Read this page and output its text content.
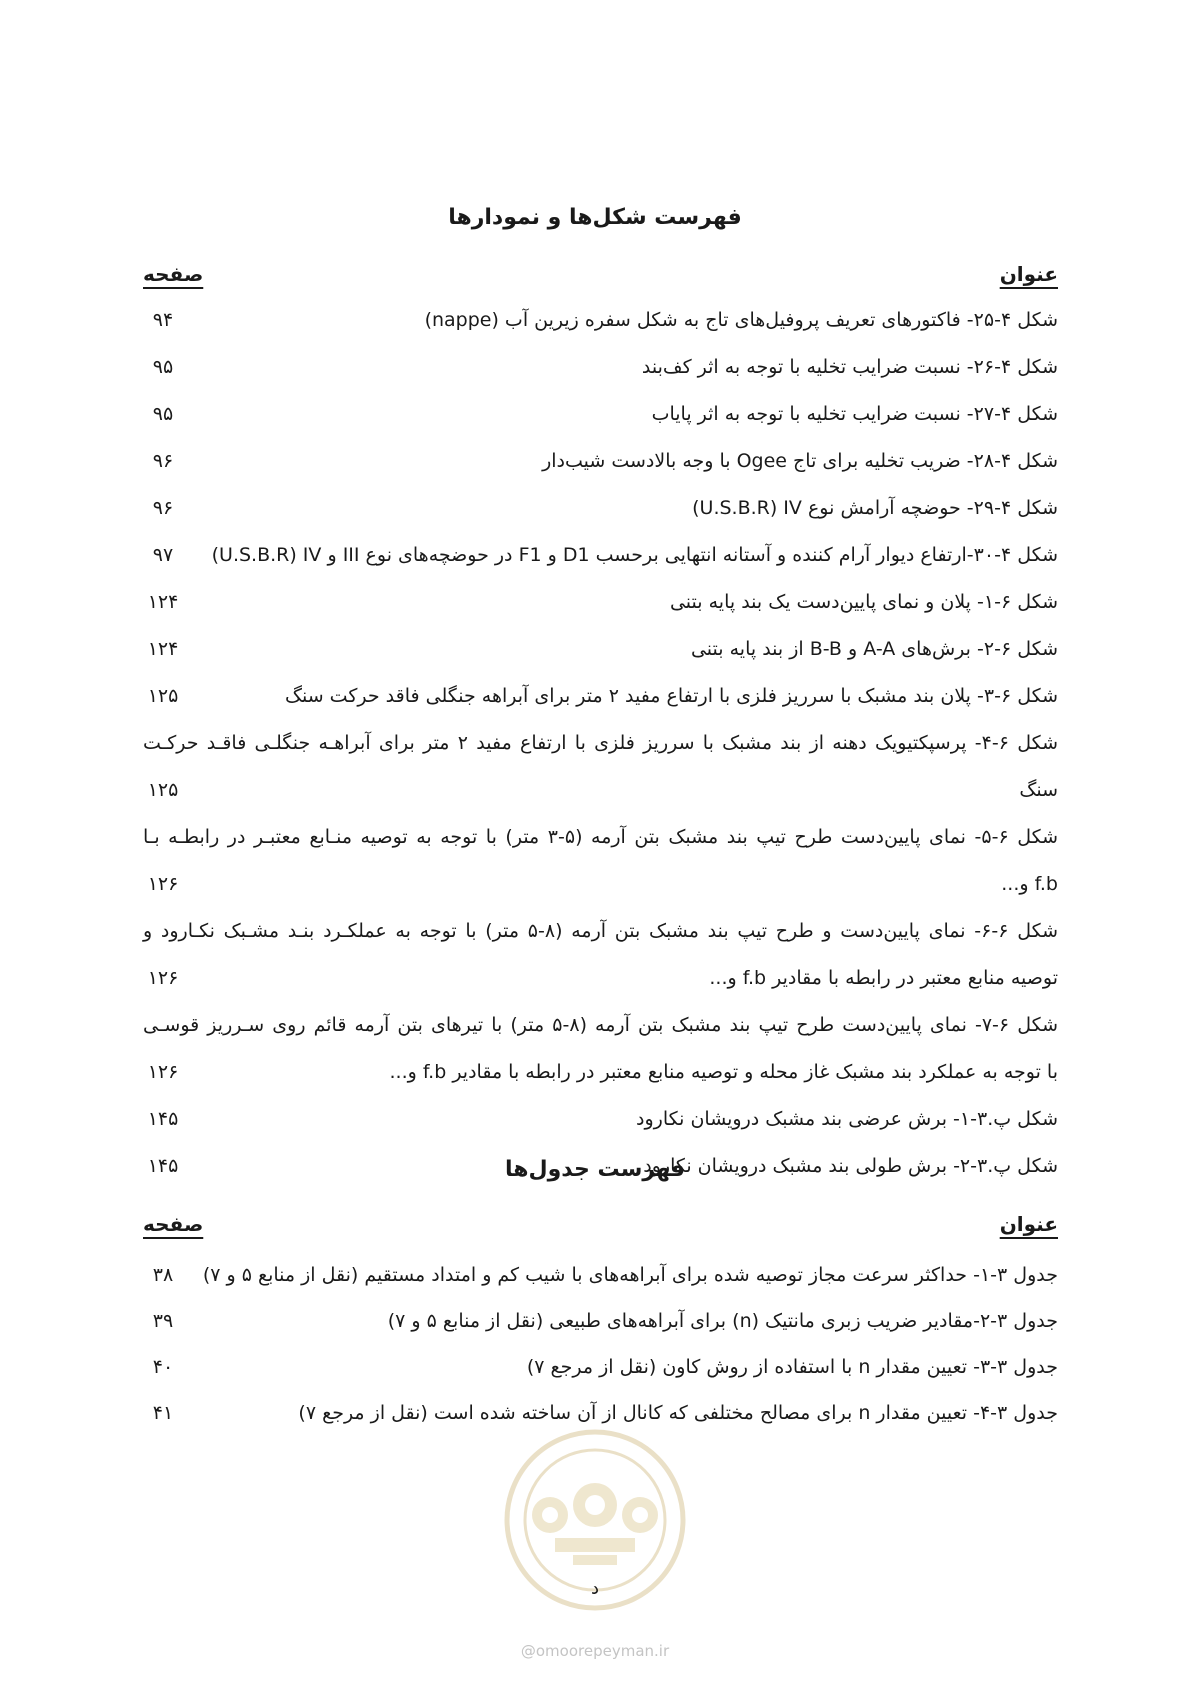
فهرست شکل‌ها و نمودارها
عنوان
صفحه
شکل ۴-۲۵- فاکتورهای تعریف پروفیل‌های تاج به شکل سفره زیرین آب (nappe)
۹۴
شکل ۴-۲۶- نسبت ضرایب تخلیه با توجه به اثر کف‌بند
۹۵
شکل ۴-۲۷- نسبت ضرایب تخلیه با توجه به اثر پایاب
۹۵
شکل ۴-۲۸- ضریب تخلیه برای تاج Ogee با وجه بالادست شیب‌دار
۹۶
شکل ۴-۲۹- حوضچه آرامش نوع U.S.B.R) IV)
۹۶
شکل ۴-۳۰-ارتفاع دیوار آرام کننده و آستانه انتهایی برحسب D1 و F1 در حوضچه‌های نوع III و U.S.B.R) IV)
۹۷
شکل ۶-۱- پلان و نمای پایین‌دست یک بند پایه بتنی
۱۲۴
شکل ۶-۲- برش‌های A-A و B-B از بند پایه بتنی
۱۲۴
شکل ۶-۳- پلان بند مشبک با سرریز فلزی با ارتفاع مفید ۲ متر برای آبراهه جنگلی فاقد حرکت سنگ
۱۲۵
شکل ۶-۴- پرسپکتیویک دهنه از بند مشبک با سرریز فلزی با ارتفاع مفید ۲ متر برای آبراهـه جنگلـی فاقـد حرکـت
سنگ
۱۲۵
شکل ۶-۵- نمای پایین‌دست طرح تیپ بند مشبک بتن آرمه (۵-۳ متر) با توجه به توصیه منـابع معتبـر در رابطـه بـا
f.b و...
۱۲۶
شکل ۶-۶- نمای پایین‌دست و طرح تیپ بند مشبک بتن آرمه (۸-۵ متر) با توجه به عملکـرد بنـد مشـبک نکـارود و
توصیه منابع معتبر در رابطه با مقادیر f.b و...
۱۲۶
شکل ۶-۷- نمای پایین‌دست طرح تیپ بند مشبک بتن آرمه (۸-۵ متر) با تیرهای بتن آرمه قائم روی سـرریز قوسـی
با توجه به عملکرد بند مشبک غاز محله و توصیه منابع معتبر در رابطه با مقادیر f.b و...
۱۲۶
شکل پ.۳-۱- برش عرضی بند مشبک درویشان نکارود
۱۴۵
شکل پ.۳-۲- برش طولی بند مشبک درویشان نکارود
۱۴۵	فهرست جدول‌ها
عنوان
صفحه
جدول ۳-۱- حداکثر سرعت مجاز توصیه شده برای آبراهه‌های با شیب کم و امتداد مستقیم (نقل از منابع ۵ و ۷)
۳۸
جدول ۳-۲-مقادیر ضریب زبری مانتیک (n) برای آبراهه‌های طبیعی (نقل از منابع ۵ و ۷)
۳۹
جدول ۳-۳- تعیین مقدار n با استفاده از روش کاون (نقل از مرجع ۷)
۴۰
جدول ۳-۴- تعیین مقدار n برای مصالح مختلفی که کانال از آن ساخته شده است (نقل از مرجع ۷)
۴۱
د
@omoorepeyman.ir
